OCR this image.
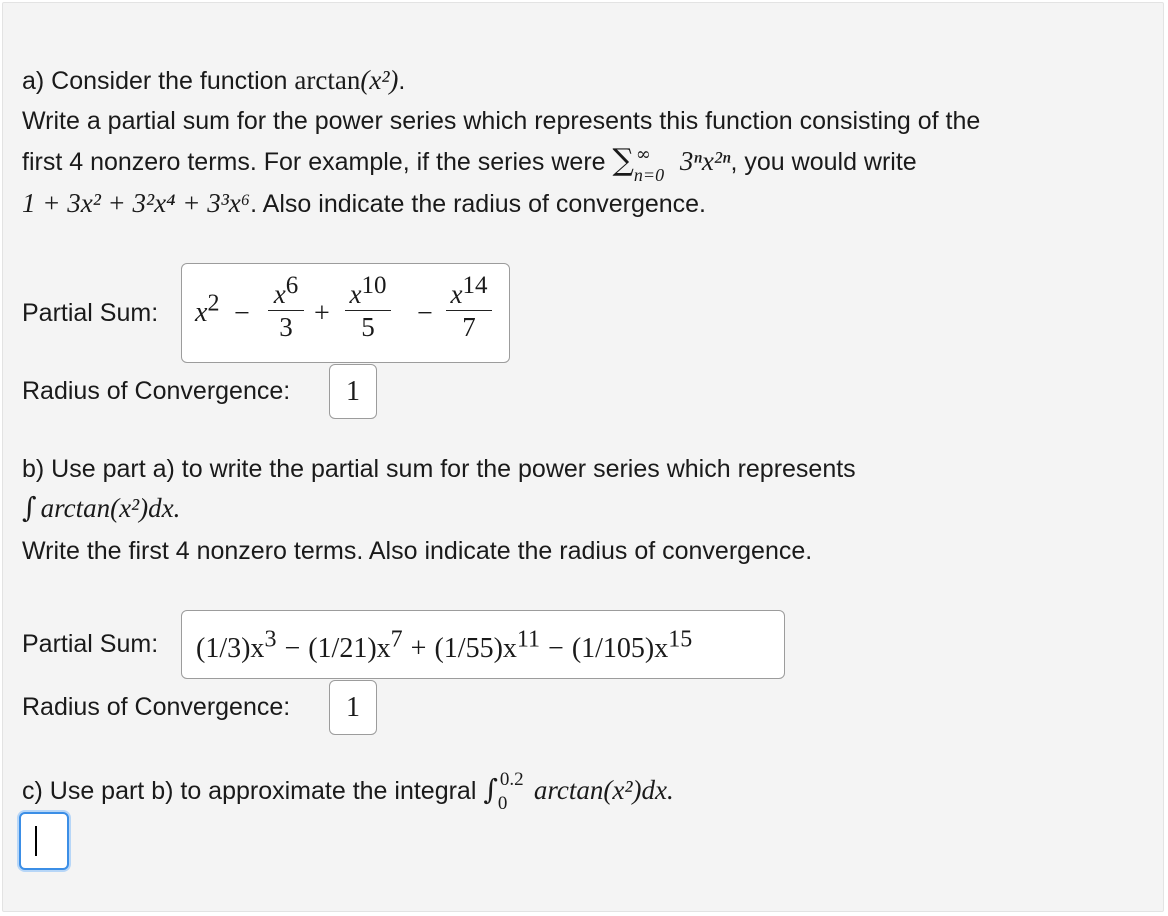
a) Consider the function arctan(x²).
Write a partial sum for the power series which represents this function consisting of the
first 4 nonzero terms. For example, if the series were ∑ ∞
n=0 3ⁿx²ⁿ, you would write
1 + 3x² + 3²x⁴ + 3³x⁶. Also indicate the radius of convergence.
Partial Sum: $x^2$ −
$x^6$
3 +
$x^{10}$
5	−
$x^{14}$
7
Radius of Convergence: 1
b) Use part a) to write the partial sum for the power series which represents
∫ arctan(x²)dx.
Write the first 4 nonzero terms. Also indicate the radius of convergence.
Partial Sum: $(1/3)x^3 - (1/21)x^7 + (1/55)x^{11} - (1/105)x^{15}$
Radius of Convergence: 1
c) Use part b) to approximate the integral ∫ 0.2
0 arctan(x²)dx.
